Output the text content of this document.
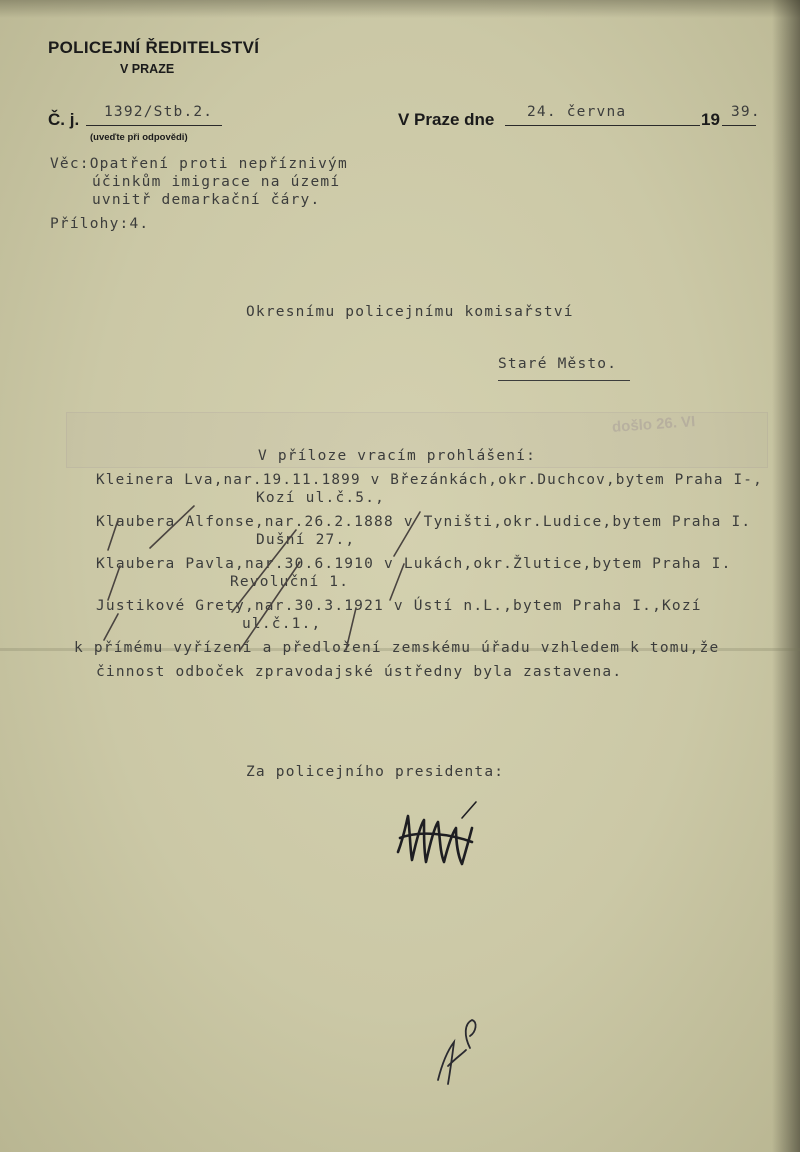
došlo 26. VI
POLICEJNÍ ŘEDITELSTVÍ
V PRAZE
Č. j. 1392/Stb.2.
(uveďte při odpovědi)
V Praze dne 24. června	19 39.
Věc:Opatření proti nepříznivým
účinkům imigrace na území
uvnitř demarkační čáry.
Přílohy:4.
Okresnímu policejnímu komisařství
Staré Město.
V příloze vracím prohlášení:
Kleinera Lva,nar.19.11.1899 v Březánkách,okr.Duchcov,bytem Praha I-,
Kozí ul.č.5.,
Klaubera Alfonse,nar.26.2.1888 v Tyništi,okr.Ludice,bytem Praha I.
Dušní 27.,
Klaubera Pavla,nar.30.6.1910 v Lukách,okr.Žlutice,bytem Praha I.
Revoluční 1.
Justikové Grety,nar.30.3.1921 v Ústí n.L.,bytem Praha I.,Kozí
ul.č.1.,
k přímému vyřízení a předložení zemskému úřadu vzhledem k tomu,že
činnost odboček zpravodajské ústředny byla zastavena.
Za policejního presidenta:
